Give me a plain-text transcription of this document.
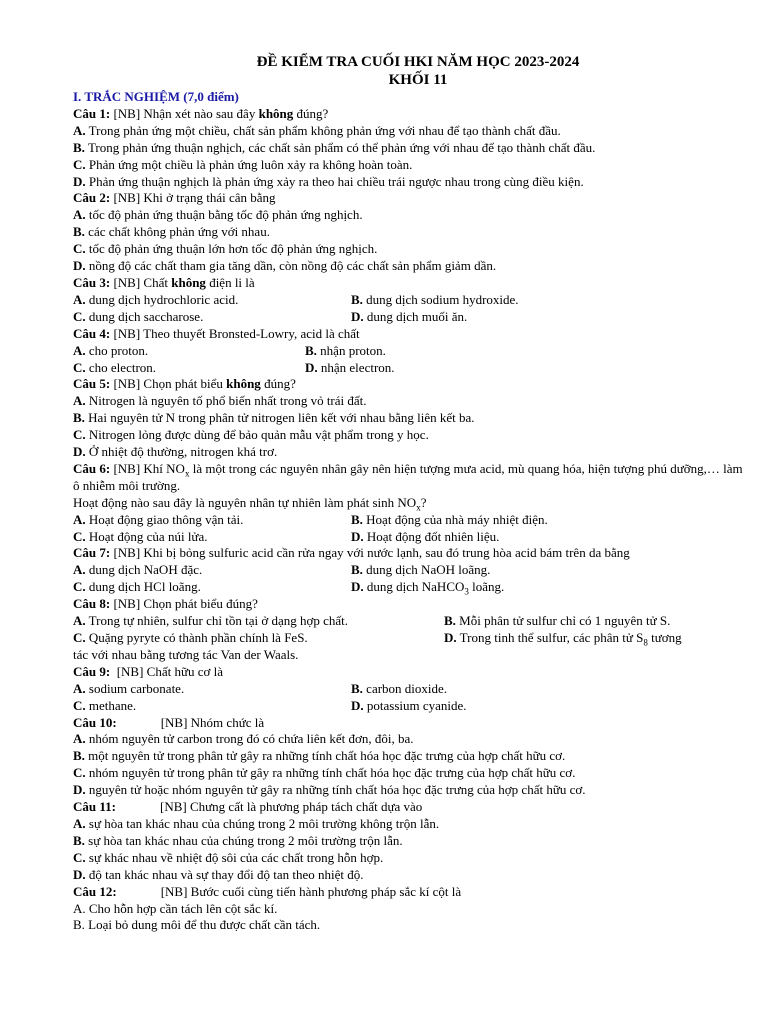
ĐỀ KIỂM TRA CUỐI HKI NĂM HỌC 2023-2024
KHỐI 11
I. TRẮC NGHIỆM (7,0 điểm)
Câu 1: [NB] Nhận xét nào sau đây không đúng?
A. Trong phản ứng một chiều, chất sản phẩm không phản ứng với nhau để tạo thành chất đầu.
B. Trong phản ứng thuận nghịch, các chất sản phẩm có thể phản ứng với nhau để tạo thành chất đầu.
C. Phản ứng một chiều là phản ứng luôn xảy ra không hoàn toàn.
D. Phản ứng thuận nghịch là phản ứng xảy ra theo hai chiều trái ngược nhau trong cùng điều kiện.
Câu 2: [NB] Khi ở trạng thái cân bằng
A. tốc độ phản ứng thuận bằng tốc độ phản ứng nghịch.
B. các chất không phản ứng với nhau.
C. tốc độ phản ứng thuận lớn hơn tốc độ phản ứng nghịch.
D. nồng độ các chất tham gia tăng dần, còn nồng độ các chất sản phẩm giảm dần.
Câu 3: [NB] Chất không điện li là
A. dung dịch hydrochloric acid.	B. dung dịch sodium hydroxide.
C. dung dịch saccharose.	D. dung dịch muối ăn.
Câu 4: [NB] Theo thuyết Bronsted-Lowry, acid là chất
A. cho proton.	B. nhận proton.
C. cho electron.	D. nhận electron.
Câu 5: [NB] Chọn phát biểu không đúng?
A. Nitrogen là nguyên tố phổ biến nhất trong vỏ trái đất.
B. Hai nguyên tử N trong phân tử nitrogen liên kết với nhau bằng liên kết ba.
C. Nitrogen lỏng được dùng để bảo quản mẫu vật phẩm trong y học.
D. Ở nhiệt độ thường, nitrogen khá trơ.
Câu 6: [NB] Khí $NO_x$ là một trong các nguyên nhân gây nên hiện tượng mưa acid, mù quang hóa, hiện tượng phú dưỡng,… làm ô nhiễm môi trường.
Hoạt động nào sau đây là nguyên nhân tự nhiên làm phát $\sinh NO_x$?
A. Hoạt động giao thông vận tải.	B. Hoạt động của nhà máy nhiệt điện.
C. Hoạt động của núi lửa.	D. Hoạt động đốt nhiên liệu.
Câu 7: [NB] Khi bị bỏng sulfuric acid cần rửa ngay với nước lạnh, sau đó trung hòa acid bám trên da bằng
A. dung dịch NaOH đặc.	B. dung dịch NaOH loãng.
C. dung dịch HCl loãng.	D. dung dịch NaHCO$_3$ loãng.
Câu 8: [NB] Chọn phát biểu đúng?
A. Trong tự nhiên, sulfur chỉ tồn tại ở dạng hợp chất.	B. Mỗi phân tử sulfur chỉ có 1 nguyên tử S.
C. Quặng pyryte có thành phần chính là FeS.	D. Trong tinh thể sulfur, các phân tử $S_8$ tương
tác với nhau bằng tương tác Van der Waals.
Câu 9:  [NB] Chất hữu cơ là
A. sodium carbonate.	B. carbon dioxide.
C. methane.	D. potassium cyanide.
Câu 10:	[NB] Nhóm chức là
A. nhóm nguyên tử carbon trong đó có chứa liên kết đơn, đôi, ba.
B. một nguyên tử trong phân tử gây ra những tính chất hóa học đặc trưng của hợp chất hữu cơ.
C. nhóm nguyên tử trong phân tử gây ra những tính chất hóa học đặc trưng của hợp chất hữu cơ.
D. nguyên tử hoặc nhóm nguyên tử gây ra những tính chất hóa học đặc trưng của hợp chất hữu cơ.
Câu 11:	[NB] Chưng cất là phương pháp tách chất dựa vào
A. sự hòa tan khác nhau của chúng trong 2 môi trường không trộn lẫn.
B. sự hòa tan khác nhau của chúng trong 2 môi trường trộn lẫn.
C. sự khác nhau về nhiệt độ sôi của các chất trong hỗn hợp.
D. độ tan khác nhau và sự thay đổi độ tan theo nhiệt độ.
Câu 12:	[NB] Bước cuối cùng tiến hành phương pháp sắc kí cột là
A. Cho hỗn hợp cần tách lên cột sắc kí.
B. Loại bỏ dung môi để thu được chất cần tách.
